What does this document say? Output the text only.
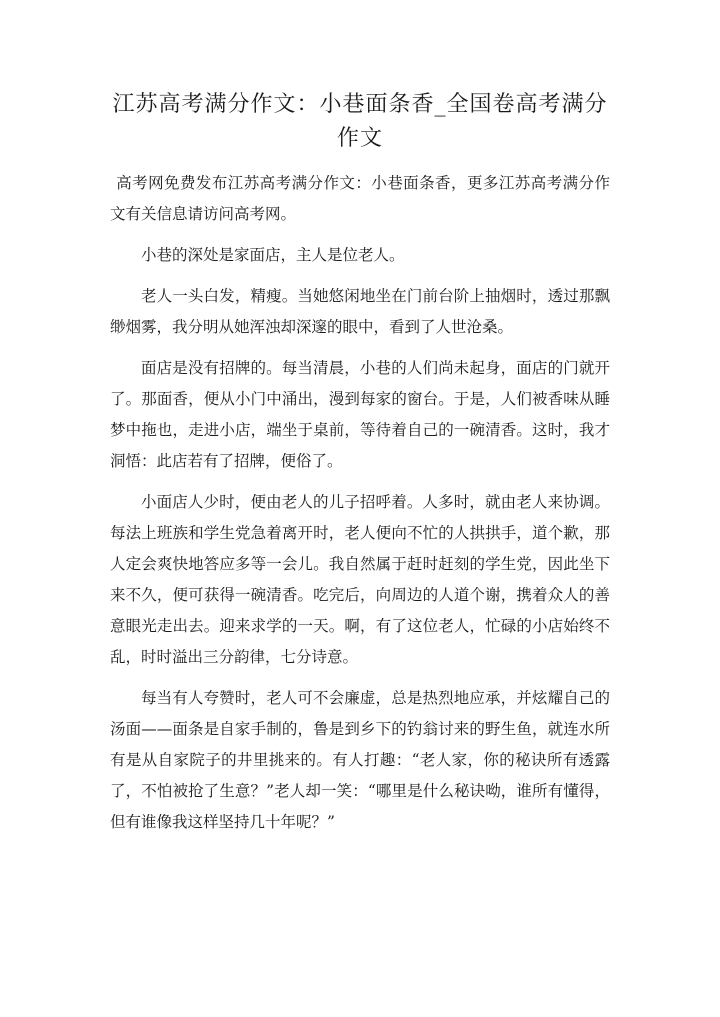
江苏高考满分作文：小巷面条香_全国卷高考满分作文

高考网免费发布江苏高考满分作文：小巷面条香，更多江苏高考满分作文有关信息请访问高考网。

小巷的深处是家面店，主人是位老人。

老人一头白发，精瘦。当她悠闲地坐在门前台阶上抽烟时，透过那飘缈烟雾，我分明从她浑浊却深邃的眼中，看到了人世沧桑。

面店是没有招牌的。每当清晨，小巷的人们尚未起身，面店的门就开了。那面香，便从小门中涌出，漫到每家的窗台。于是，人们被香味从睡梦中拖也，走进小店，端坐于桌前，等待着自己的一碗清香。这时，我才洞悟：此店若有了招牌，便俗了。

小面店人少时，便由老人的儿子招呼着。人多时，就由老人来协调。每法上班族和学生党急着离开时，老人便向不忙的人拱拱手，道个歉，那人定会爽快地答应多等一会儿。我自然属于赶时赶刻的学生党，因此坐下来不久，便可获得一碗清香。吃完后，向周边的人道个谢，携着众人的善意眼光走出去。迎来求学的一天。啊，有了这位老人，忙碌的小店始终不乱，时时溢出三分韵律，七分诗意。

每当有人夸赞时，老人可不会廉虚，总是热烈地应承，并炫耀自己的汤面——面条是自家手制的，鲁是到乡下的钓翁讨来的野生鱼，就连水所有是从自家院子的井里挑来的。有人打趣：“老人家，你的秘诀所有透露了，不怕被抢了生意？”老人却一笑：“哪里是什么秘诀呦，谁所有懂得，但有谁像我这样坚持几十年呢？”
